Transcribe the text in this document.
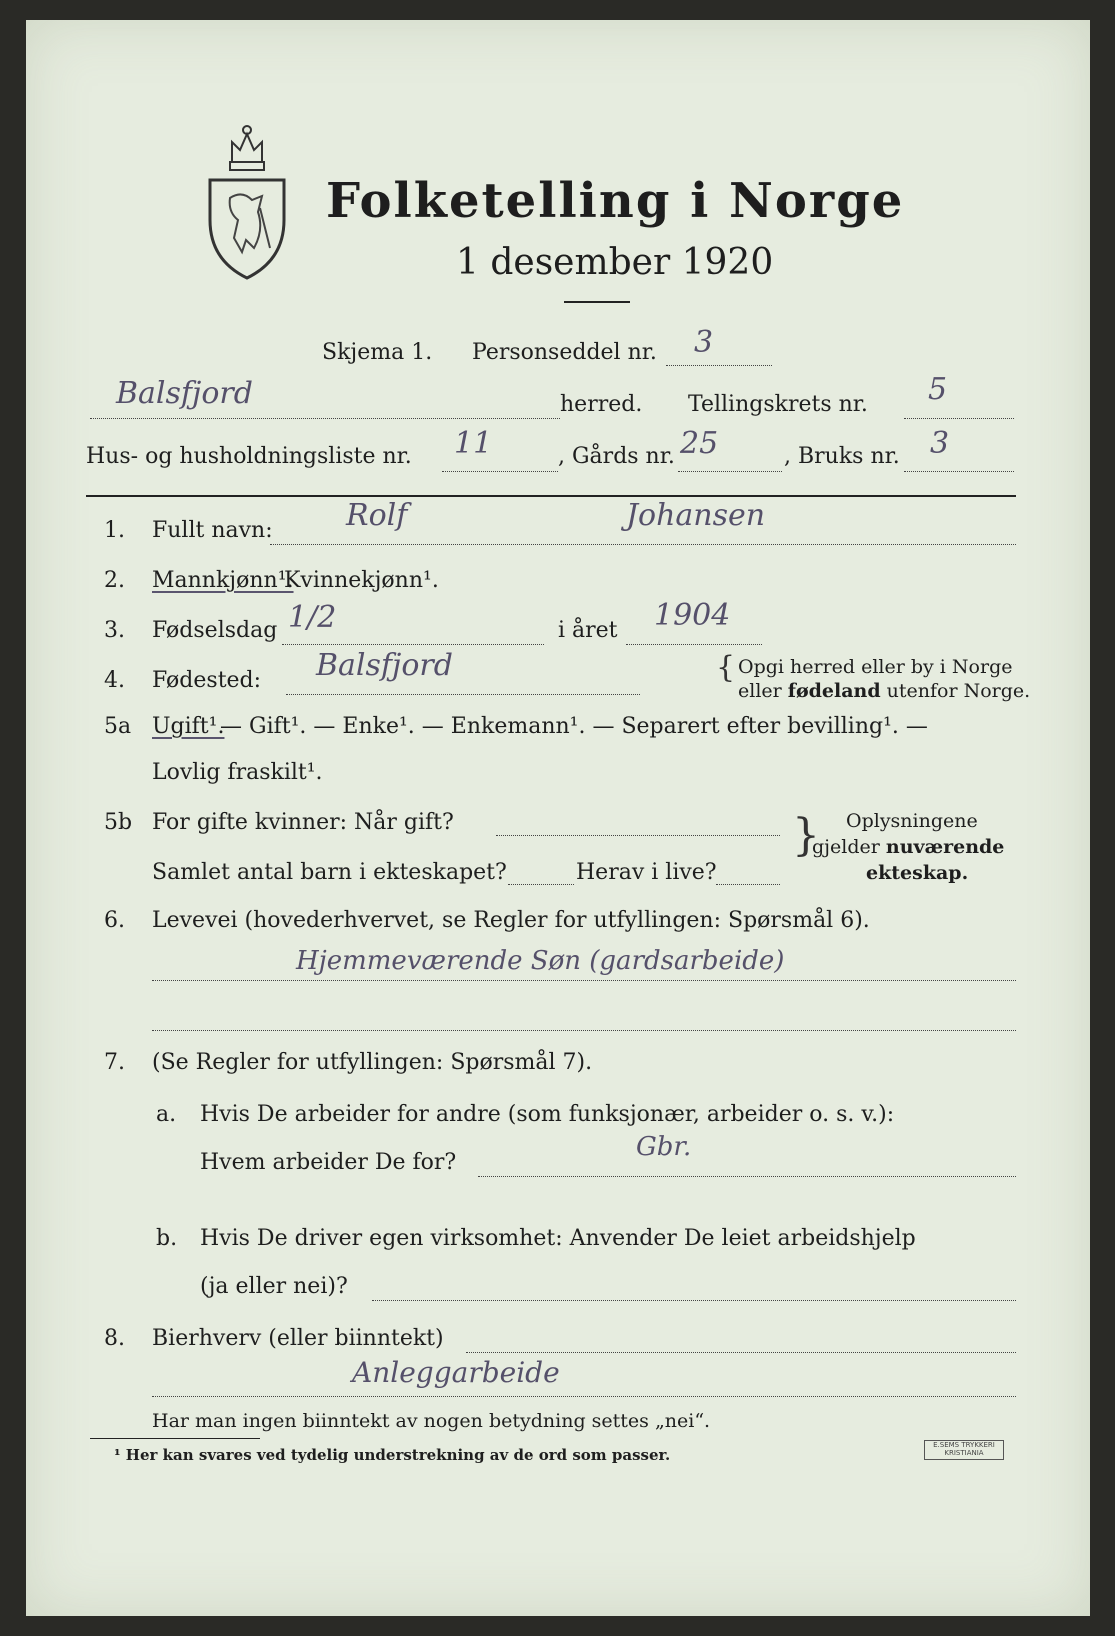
Folketelling i Norge
1 desember 1920
Skjema 1. Personseddel nr. 3
Balsfjord	herred. Tellingskrets nr. 5
Hus- og husholdningsliste nr. 11	, Gårds nr. 25	, Bruks nr. 3
1. Fullt navn: Rolf	Johansen
2. Mannkjønn¹.
Kvinnekjønn¹.
3. Fødselsdag 1/2	i året 1904
4. Fødested: Balsfjord	{ Opgi herred eller by i Norge
eller fødeland utenfor Norge.
5a Ugift¹.
— Gift¹. — Enke¹. — Enkemann¹. — Separert efter bevilling¹. —
Lovlig fraskilt¹.
5b For gifte kvinner: Når gift?
Samlet antal barn i ekteskapet?	Herav i live?
} Oplysningene
gjelder nuværende
ekteskap.
6. Levevei (hovederhvervet, se Regler for utfyllingen: Spørsmål 6).
Hjemmeværende Søn (gardsarbeide)
7. (Se Regler for utfyllingen: Spørsmål 7).
a. Hvis De arbeider for andre (som funksjonær, arbeider o. s. v.):
Hvem arbeider De for?
Gbr.
b. Hvis De driver egen virksomhet: Anvender De leiet arbeidshjelp
(ja eller nei)?
8. Bierhverv (eller biinntekt)
Anleggarbeide
Har man ingen biinntekt av nogen betydning settes „nei“.
¹ Her kan svares ved tydelig understrekning av de ord som passer.
E.SEMS TRYKKERI
KRISTIANIA
